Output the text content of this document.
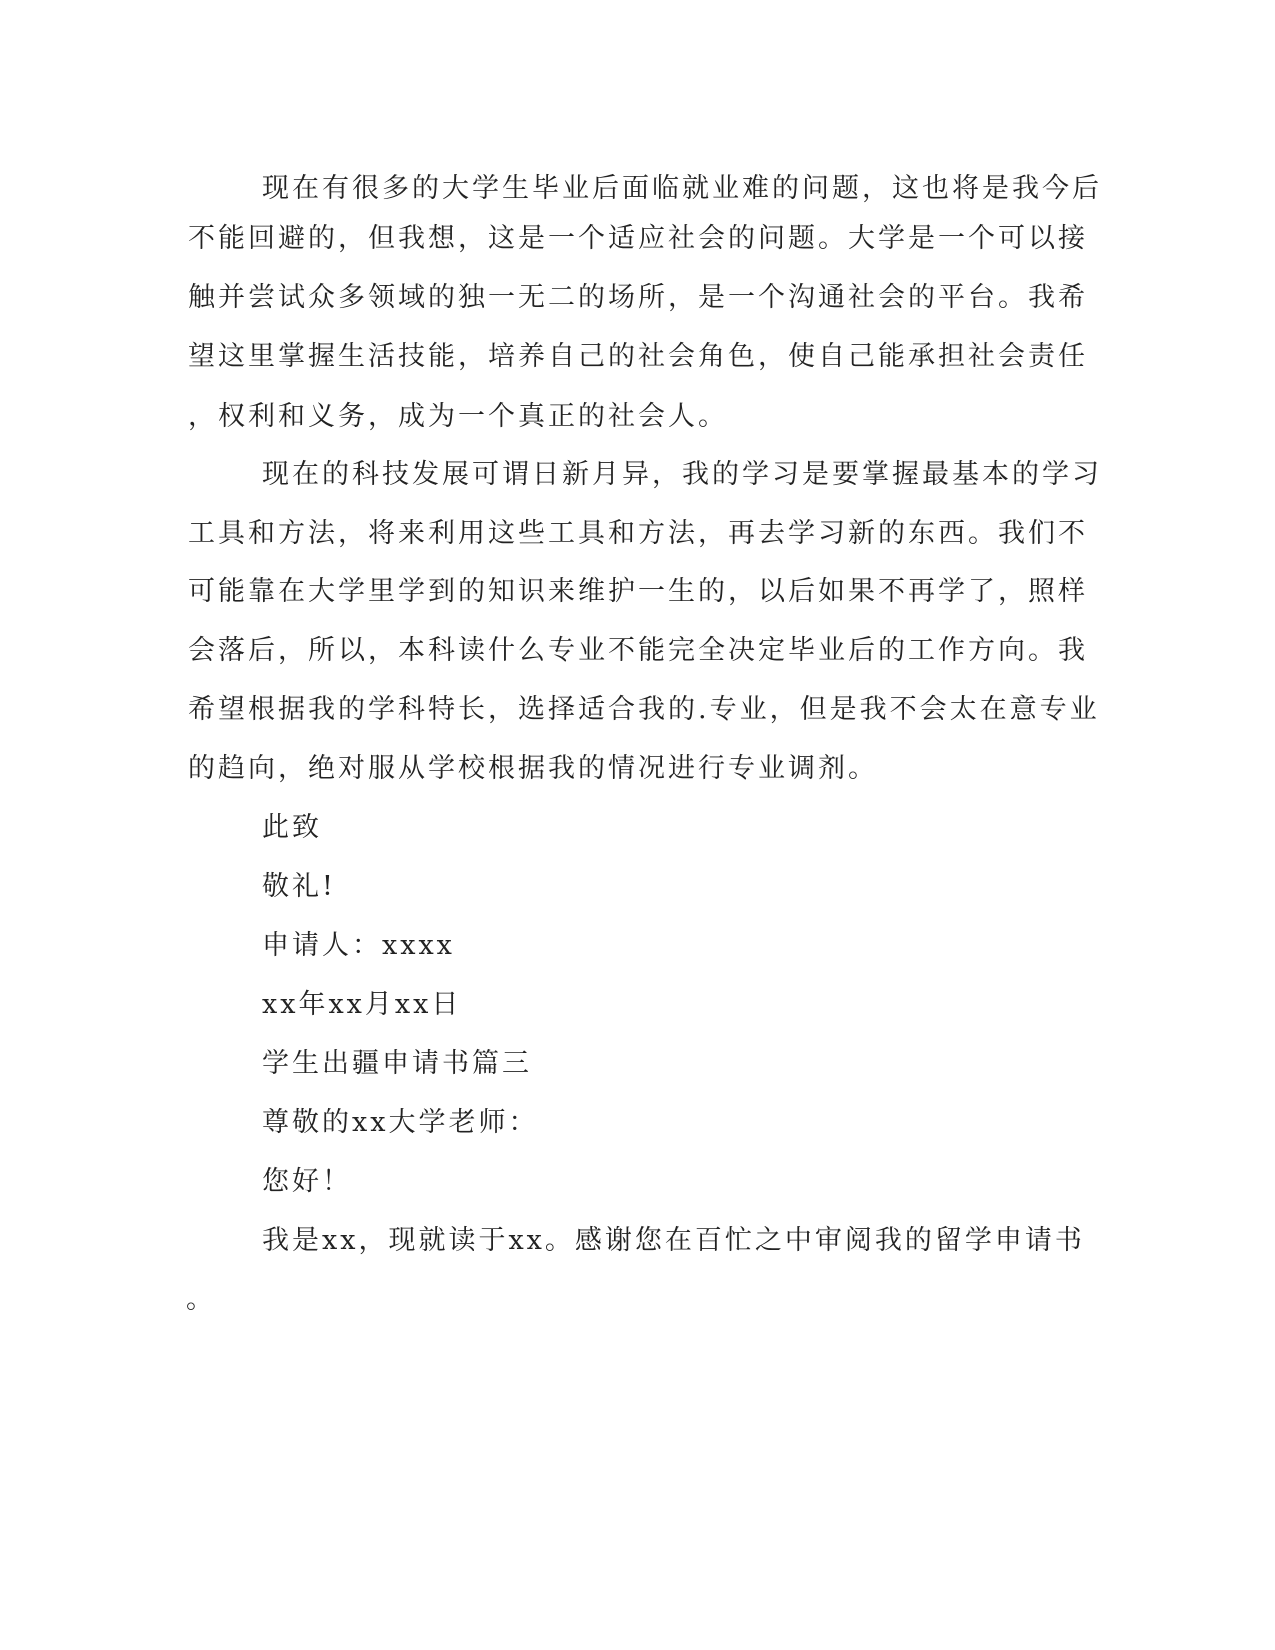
现在有很多的大学生毕业后面临就业难的问题，这也将是我今后
不能回避的，但我想，这是一个适应社会的问题。大学是一个可以接
触并尝试众多领域的独一无二的场所，是一个沟通社会的平台。我希
望这里掌握生活技能，培养自己的社会角色，使自己能承担社会责任
，权利和义务，成为一个真正的社会人。
现在的科技发展可谓日新月异，我的学习是要掌握最基本的学习
工具和方法，将来利用这些工具和方法，再去学习新的东西。我们不
可能靠在大学里学到的知识来维护一生的，以后如果不再学了，照样
会落后，所以，本科读什么专业不能完全决定毕业后的工作方向。我
希望根据我的学科特长，选择适合我的.专业，但是我不会太在意专业
的趋向，绝对服从学校根据我的情况进行专业调剂。
此致
敬礼!
申请人：xxxx
xx年xx月xx日
学生出疆申请书篇三
尊敬的xx大学老师：
您好！
我是xx，现就读于xx。感谢您在百忙之中审阅我的留学申请书
。
